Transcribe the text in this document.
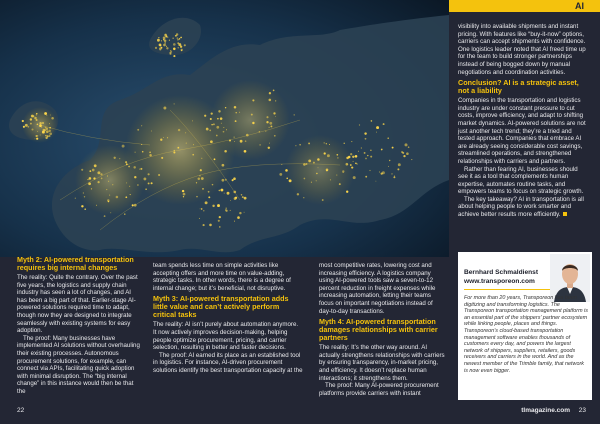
AI
Myth 2: AI-powered transportation requires big internal changes

The reality: Quite the contrary. Over the past five years, the logistics and supply chain industry has seen a lot of changes, and AI has been a big part of that. Earlier-stage AI-powered solutions required time to adapt, though now they are designed to integrate seamlessly with existing systems for easy adoption.

The proof: Many businesses have implemented AI solutions without overhauling their existing processes. Autonomous procurement solutions, for example, can connect via APIs, facilitating quick adoption with minimal disruption. The “big internal change” in this instance would then be that the

team spends less time on simple activities like accepting offers and more time on value-adding, strategic tasks. In other words, there is a degree of internal change; but it’s beneficial, not disruptive.

Myth 3: AI-powered transportation adds little value and can’t actively perform critical tasks

The reality: AI isn’t purely about automation anymore. It now actively improves decision-making, helping people optimize procurement, pricing, and carrier selection, resulting in better and faster decisions.

The proof: AI earned its place as an established tool in logistics. For instance, AI-driven procurement solutions identify the best transportation capacity at the

most competitive rates, lowering cost and increasing efficiency. A logistics company using AI-powered tools saw a seven-to-12 percent reduction in freight expenses while increasing automation, letting their teams focus on important negotiations instead of day-to-day transactions.

Myth 4: AI-powered transportation damages relationships with carrier partners

The reality: It’s the other way around. AI actually strengthens relationships with carriers by ensuring transparency, in-market pricing, and efficiency. It doesn’t replace human interactions; it strengthens them.

The proof: Many AI-powered procurement platforms provide carriers with instant

visibility into available shipments and instant pricing. With features like “buy-it-now” options, carriers can accept shipments with confidence. One logistics leader noted that AI freed time up for the team to build stronger partnerships instead of being bogged down by manual negotiations and coordination activities.

Conclusion? AI is a strategic asset, not a liability

Companies in the transportation and logistics industry are under constant pressure to cut costs, improve efficiency, and adapt to shifting market dynamics. AI-powered solutions are not just another tech trend; they’re a tried and tested approach. Companies that embrace AI are already seeing considerable cost savings, streamlined operations, and strengthened relationships with carriers and partners.

Rather than fearing AI, businesses should see it as a tool that complements human expertise, automates routine tasks, and empowers teams to focus on strategic growth.

The key takeaway? AI in transportation is all about helping people to work smarter and achieve better results more efficiently.

Bernhard Schmaldienst
www.transporeon.com
For more than 20 years, Transporeon has been digitizing and transforming logistics. The Transporeon transportation management platform is an essential part of the shippers’ partner ecosystem while linking people, places and things. Transporeon’s cloud-based transportation management software enables thousands of customers every day, and powers the largest network of shippers, suppliers, retailers, goods receivers and carriers in the world. And as the newest member of the Trimble family, that network is now even bigger.
22	tlmagazine.com 23
